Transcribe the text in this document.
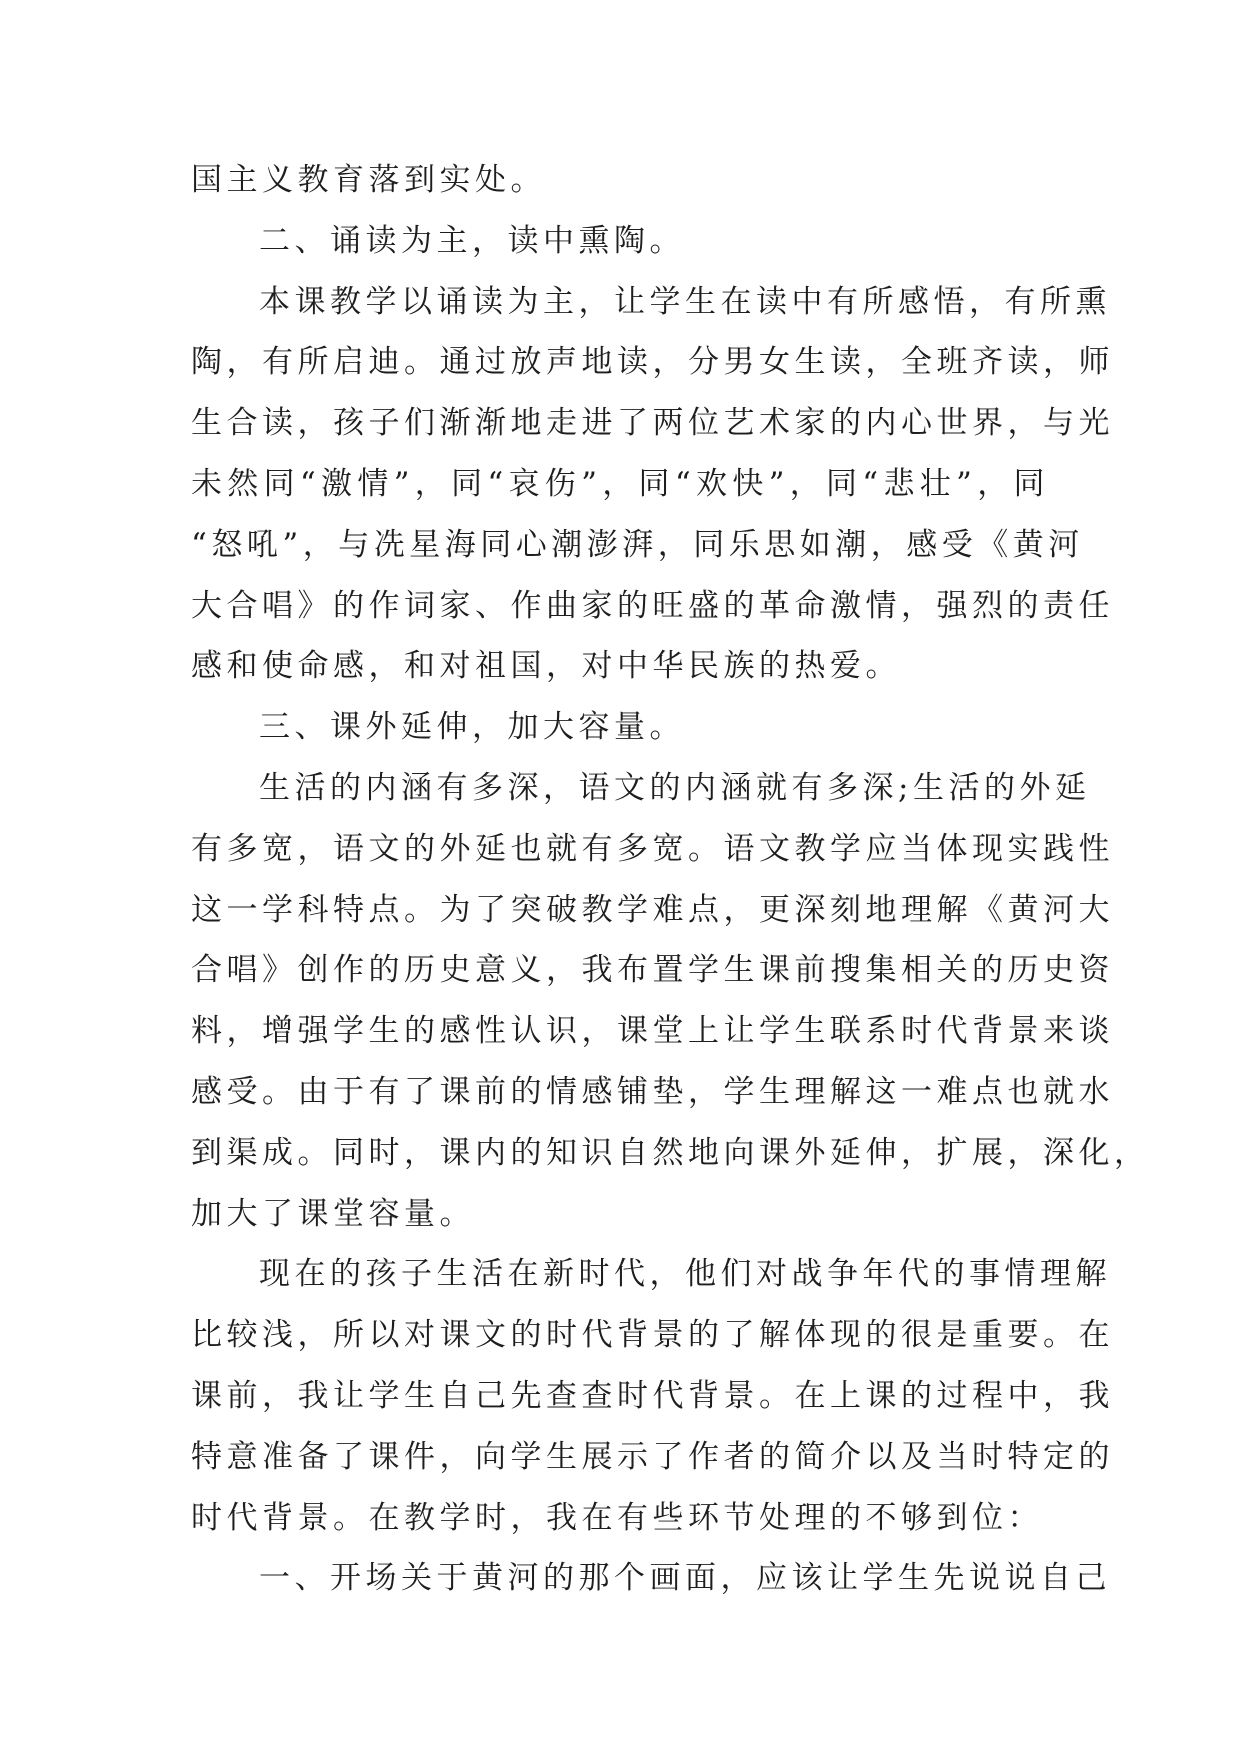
国主义教育落到实处。
二、诵读为主，读中熏陶。
本课教学以诵读为主，让学生在读中有所感悟，有所熏
陶，有所启迪。通过放声地读，分男女生读，全班齐读，师
生合读，孩子们渐渐地走进了两位艺术家的内心世界，与光
未然同“激情”，同“哀伤”，同“欢快”，同“悲壮”，同
“怒吼”，与冼星海同心潮澎湃，同乐思如潮，感受《黄河
大合唱》的作词家、作曲家的旺盛的革命激情，强烈的责任
感和使命感，和对祖国，对中华民族的热爱。
三、课外延伸，加大容量。
生活的内涵有多深，语文的内涵就有多深;生活的外延
有多宽，语文的外延也就有多宽。语文教学应当体现实践性
这一学科特点。为了突破教学难点，更深刻地理解《黄河大
合唱》创作的历史意义，我布置学生课前搜集相关的历史资
料，增强学生的感性认识，课堂上让学生联系时代背景来谈
感受。由于有了课前的情感铺垫，学生理解这一难点也就水
到渠成。同时，课内的知识自然地向课外延伸，扩展，深化，
加大了课堂容量。
现在的孩子生活在新时代，他们对战争年代的事情理解
比较浅，所以对课文的时代背景的了解体现的很是重要。在
课前，我让学生自己先查查时代背景。在上课的过程中，我
特意准备了课件，向学生展示了作者的简介以及当时特定的
时代背景。在教学时，我在有些环节处理的不够到位：
一、开场关于黄河的那个画面，应该让学生先说说自己
